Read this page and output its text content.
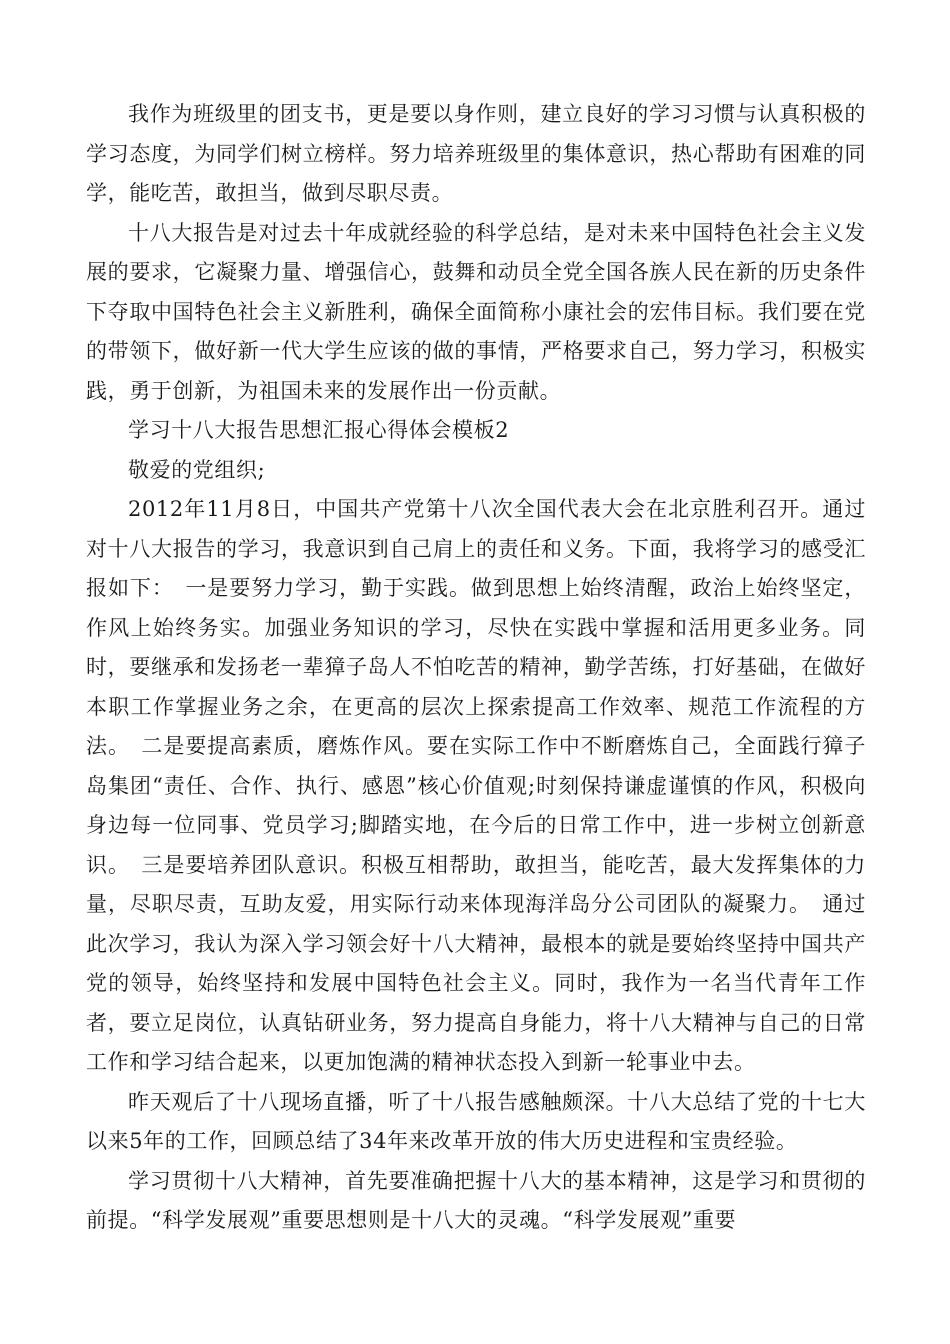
我作为班级里的团支书，更是要以身作则，建立良好的学习习惯与认真积极的学习态度，为同学们树立榜样。努力培养班级里的集体意识，热心帮助有困难的同学，能吃苦，敢担当，做到尽职尽责。

十八大报告是对过去十年成就经验的科学总结，是对未来中国特色社会主义发展的要求，它凝聚力量、增强信心，鼓舞和动员全党全国各族人民在新的历史条件下夺取中国特色社会主义新胜利，确保全面简称小康社会的宏伟目标。我们要在党的带领下，做好新一代大学生应该的做的事情，严格要求自己，努力学习，积极实践，勇于创新，为祖国未来的发展作出一份贡献。

学习十八大报告思想汇报心得体会模板2

敬爱的党组织;

2012年11月8日，中国共产党第十八次全国代表大会在北京胜利召开。通过对十八大报告的学习，我意识到自己肩上的责任和义务。下面，我将学习的感受汇报如下：　一是要努力学习，勤于实践。做到思想上始终清醒，政治上始终坚定，作风上始终务实。加强业务知识的学习，尽快在实践中掌握和活用更多业务。同时，要继承和发扬老一辈獐子岛人不怕吃苦的精神，勤学苦练，打好基础，在做好本职工作掌握业务之余，在更高的层次上探索提高工作效率、规范工作流程的方法。　二是要提高素质，磨炼作风。要在实际工作中不断磨炼自己，全面践行獐子岛集团“责任、合作、执行、感恩”核心价值观;时刻保持谦虚谨慎的作风，积极向身边每一位同事、党员学习;脚踏实地，在今后的日常工作中，进一步树立创新意识。　三是要培养团队意识。积极互相帮助，敢担当，能吃苦，最大发挥集体的力量，尽职尽责，互助友爱，用实际行动来体现海洋岛分公司团队的凝聚力。　通过此次学习，我认为深入学习领会好十八大精神，最根本的就是要始终坚持中国共产党的领导，始终坚持和发展中国特色社会主义。同时，我作为一名当代青年工作者，要立足岗位，认真钻研业务，努力提高自身能力，将十八大精神与自己的日常工作和学习结合起来，以更加饱满的精神状态投入到新一轮事业中去。

昨天观后了十八现场直播，听了十八报告感触颇深。十八大总结了党的十七大以来5年的工作，回顾总结了34年来改革开放的伟大历史进程和宝贵经验。

学习贯彻十八大精神，首先要准确把握十八大的基本精神，这是学习和贯彻的前提。“科学发展观”重要思想则是十八大的灵魂。“科学发展观”重要
